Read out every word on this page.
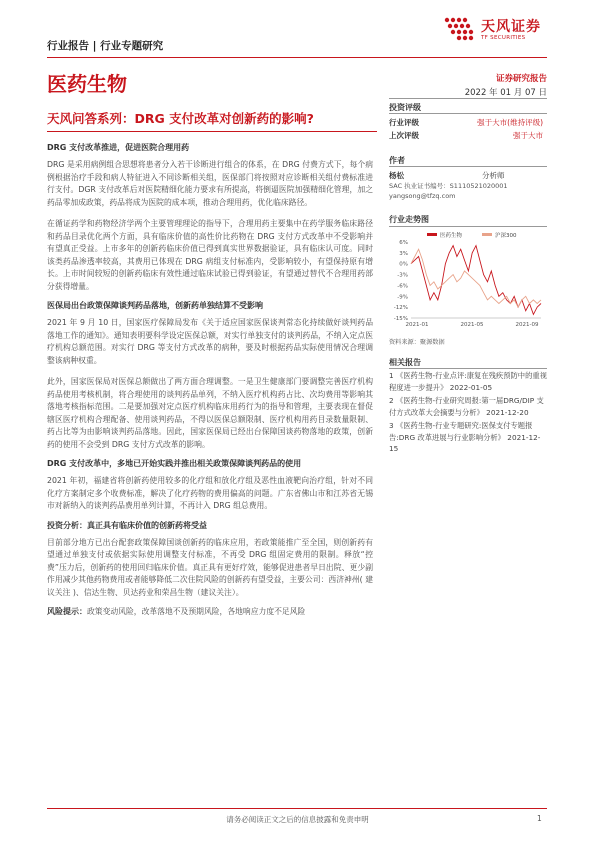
行业报告 | 行业专题研究
天风证券
TF SECURITIES
医药生物
天风问答系列：DRG 支付改革对创新药的影响?
证券研究报告
2022 年 01 月 07 日
投资评级
行业评级	强于大市(维持评级)
上次评级	强于大市
作者
杨松	分析师
SAC 执业证书编号：S1110521020001
yangsong@tfzq.com
行业走势图
6%
3%
0%
-3%
-6%
-9%
-12%
-15%
2021-01	2021-05	2021-09
医药生物	沪深300
资料来源：聚源数据
相关报告
1 《医药生物-行业点评:康复在残疾预防中的重视程度进一步提升》 2022-01-05
2 《医药生物-行业研究周报:第一届DRG/DIP 支付方式改革大会摘要与分析》 2021-12-20
3 《医药生物-行业专题研究:医保支付专题报告:DRG 改革进展与行业影响分析》 2021-12-15
DRG 支付改革推进，促进医院合理用药
DRG 是采用病例组合思想将患者分入若干诊断进行组合的体系，在 DRG 付费方式下，每个病例根据治疗手段和病人特征进入不同诊断相关组，医保部门将按照对应诊断相关组付费标准进行支付。DGR 支付改革后对医院精细化能力要求有所提高，将倒逼医院加强精细化管理，加之药品零加成政策，药品将成为医院的成本项，推动合理用药，优化临床路径。
在循证药学和药物经济学两个主要管理理论的指导下，合理用药主要集中在药学服务临床路径和药品目录优化两个方面，具有临床价值的高性价比药物在 DRG 支付方式改革中不受影响并有望真正受益。上市多年的创新药临床价值已得到真实世界数据验证，具有临床认可度。同时该类药品渗透率较高，其费用已体现在 DRG 病组支付标准内，受影响较小，有望保持原有增长。上市时间较短的创新药临床有效性通过临床试验已得到验证，有望通过替代不合理用药部分获得增量。
医保局出台政策保障谈判药品落地，创新药单独结算不受影响
2021 年 9 月 10 日，国家医疗保障局发布《关于适应国家医保谈判常态化持续做好谈判药品落地工作的通知》。通知表明要科学设定医保总额，对实行单独支付的谈判药品，不纳入定点医疗机构总额范围。对实行 DRG 等支付方式改革的病种，要及时根据药品实际使用情况合理调整该病种权重。
此外，国家医保局对医保总额做出了两方面合理调整。一是卫生健康部门要调整完善医疗机构药品使用考核机制，将合理使用的谈判药品单列，不纳入医疗机构药占比、次均费用等影响其落地考核指标范围。二是要加强对定点医疗机构临床用药行为的指导和管理，主要表现在督促辖区医疗机构合理配备、使用谈判药品，不得以医保总额限制、医疗机构用药目录数量限制、药占比等为由影响谈判药品落地。因此，国家医保局已经出台保障国谈药物落地的政策，创新药的使用不会受到 DRG 支付方式改革的影响。
DRG 支付改革中，多地已开始实践并推出相关政策保障谈判药品的使用
2021 年初，福建省将创新药使用较多的化疗组和放化疗组及恶性血液靶向治疗组，针对不同化疗方案制定多个收费标准，解决了化疗药物的费用偏高的问题。广东省佛山市和江苏省无锡市对新纳入的谈判药品费用单列计算，不再计入 DRG 组总费用。
投资分析：真正具有临床价值的创新药将受益
目前部分地方已出台配套政策保障国谈创新药的临床应用，若政策能推广至全国，则创新药有望通过单独支付或依据实际使用调整支付标准，不再受 DRG 组固定费用的限制。释放“控费”压力后，创新药的使用回归临床价值。真正具有更好疗效，能够促进患者早日出院、更少副作用减少其他药物费用或者能够降低二次住院风险的创新药有望受益，主要公司：西济神州( 建议关注 )、信达生物、贝达药业和荣昌生物（建议关注）。
风险提示：政策变动风险，改革落地不及预期风险，各地响应力度不足风险
请务必阅读正文之后的信息披露和免责申明	1
